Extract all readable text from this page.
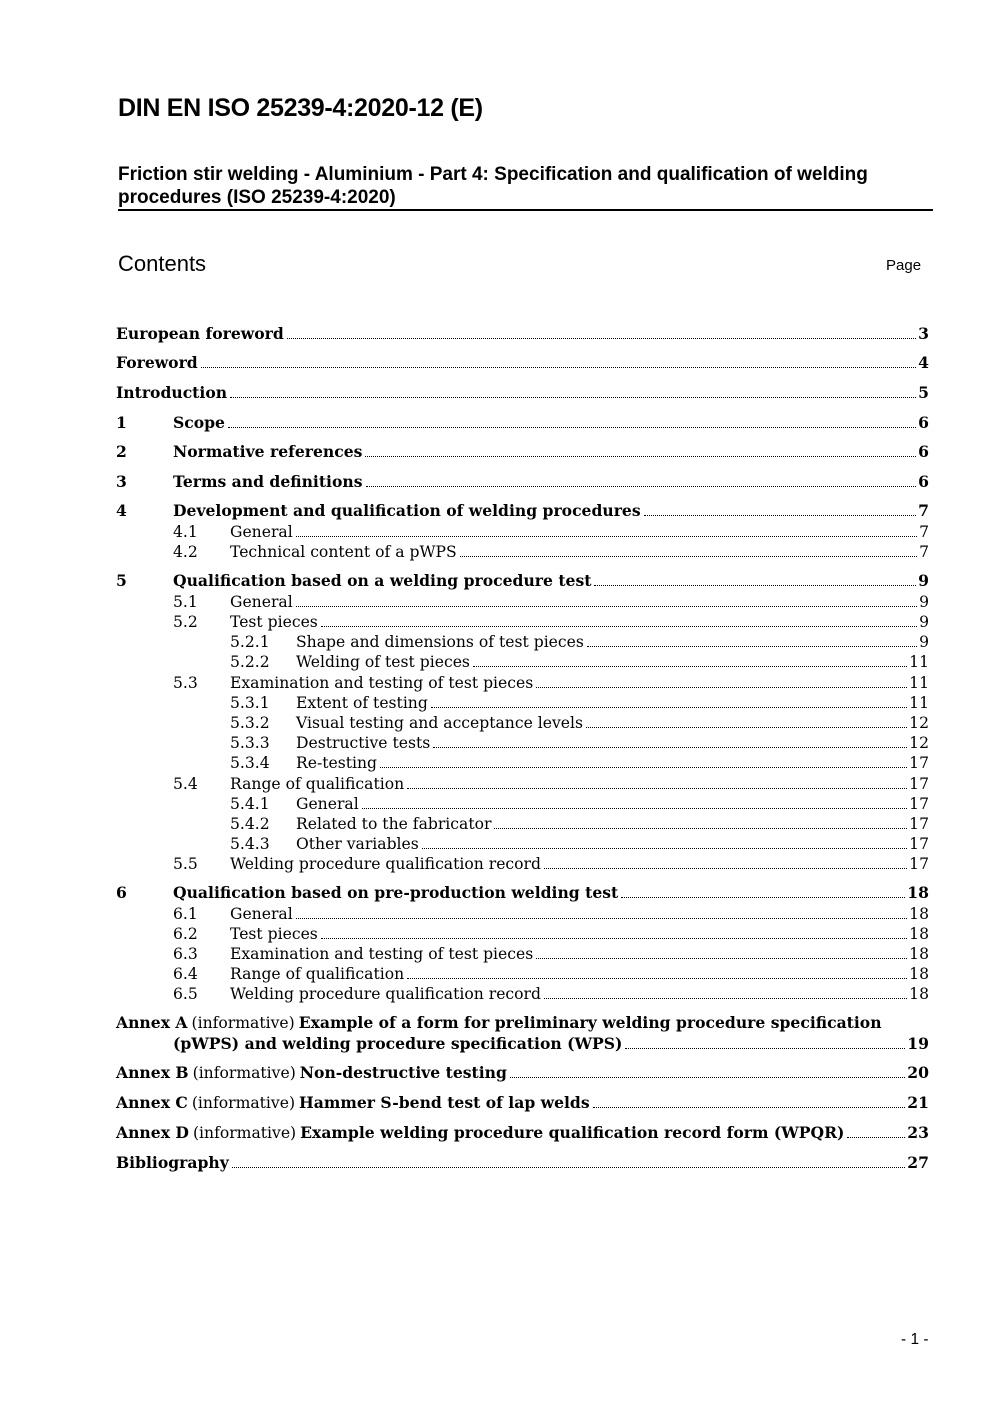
DIN EN ISO 25239-4:2020-12 (E)
Friction stir welding - Aluminium - Part 4: Specification and qualification of welding procedures (ISO 25239-4:2020)
Contents	Page
European foreword	3
Foreword	4
Introduction	5
1	Scope	6
2	Normative references	6
3	Terms and definitions	6
4	Development and qualification of welding procedures	7
4.1 General	7
4.2 Technical content of a pWPS	7
5	Qualification based on a welding procedure test	9
5.1 General	9
5.2 Test pieces	9
5.2.1 Shape and dimensions of test pieces	9
5.2.2 Welding of test pieces	11
5.3 Examination and testing of test pieces	11
5.3.1 Extent of testing	11
5.3.2 Visual testing and acceptance levels	12
5.3.3 Destructive tests	12
5.3.4 Re-testing	17
5.4 Range of qualification	17
5.4.1 General	17
5.4.2 Related to the fabricator	17
5.4.3 Other variables	17
5.5 Welding procedure qualification record	17
6	Qualification based on pre-production welding test	18
6.1 General	18
6.2 Test pieces	18
6.3 Examination and testing of test pieces	18
6.4 Range of qualification	18
6.5 Welding procedure qualification record	18
Annex A (informative) Example of a form for preliminary welding procedure specification
(pWPS) and welding procedure specification (WPS)	19
Annex B (informative) Non-destructive testing	20
Annex C (informative) Hammer S-bend test of lap welds	21
Annex D (informative) Example welding procedure qualification record form (WPQR)	23
Bibliography	27
- 1 -
